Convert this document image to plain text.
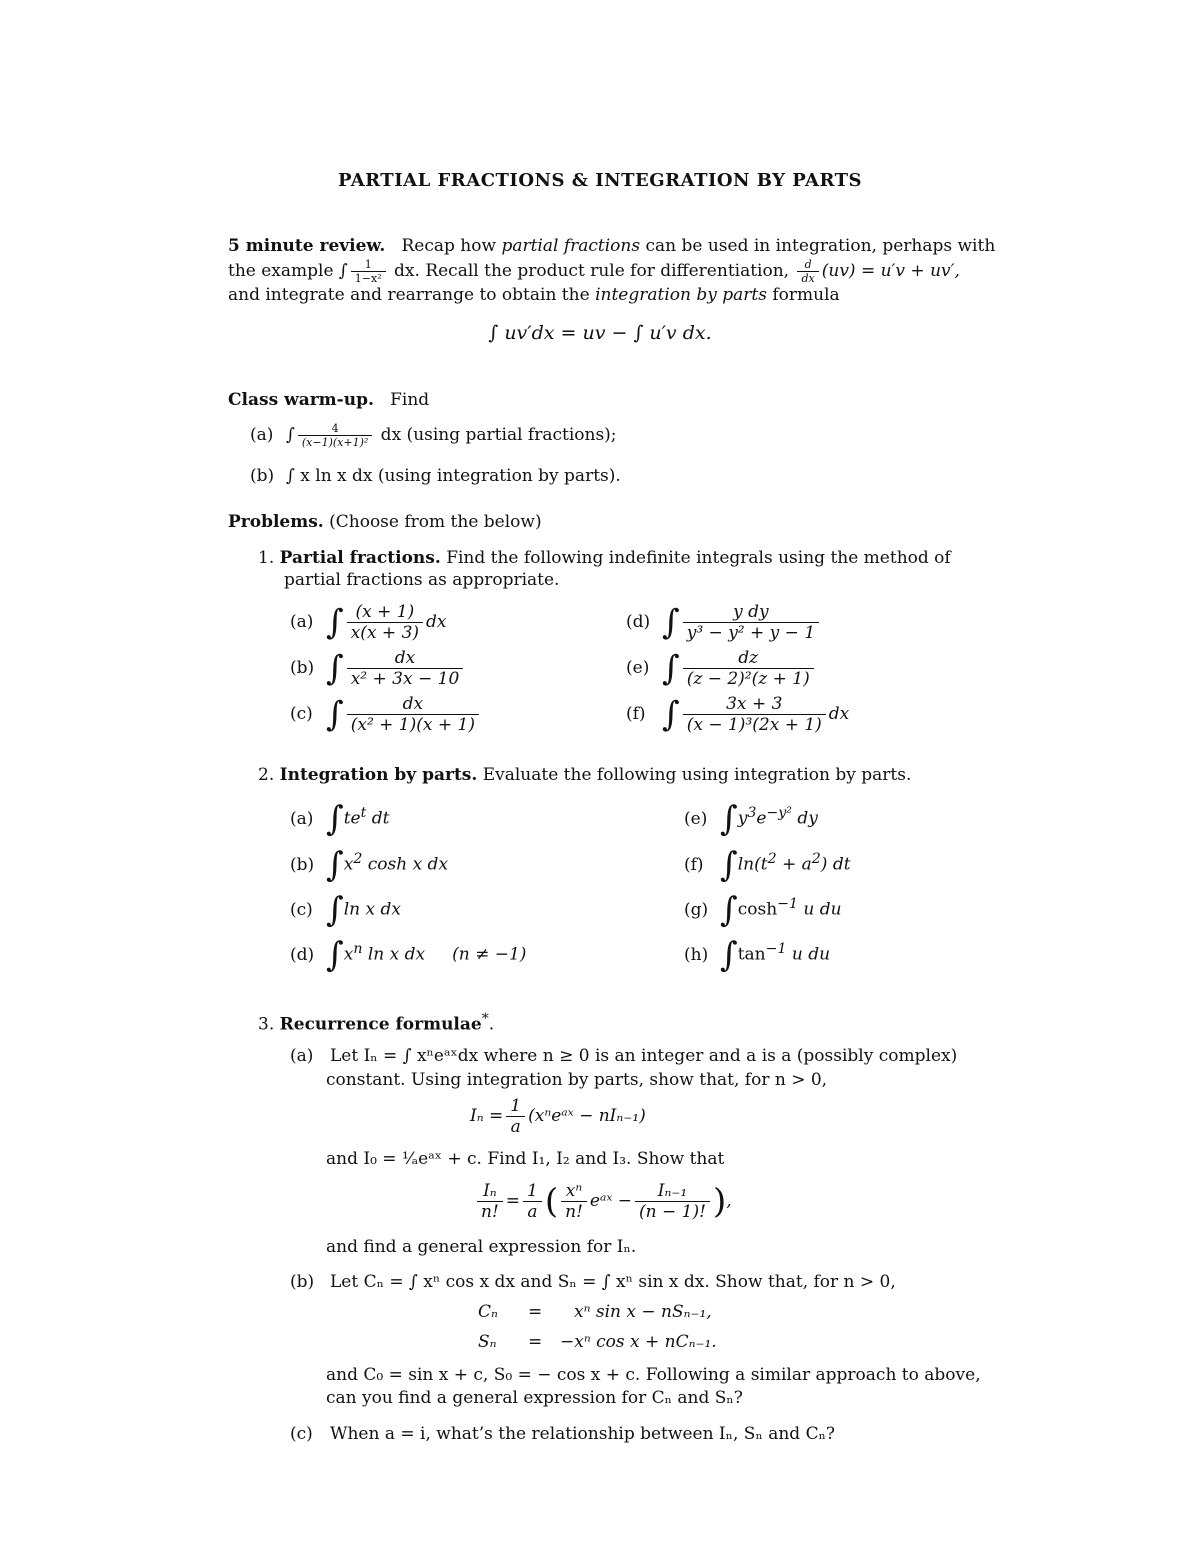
PARTIAL FRACTIONS & INTEGRATION BY PARTS
5 minute review. Recap how partial fractions can be used in integration, perhaps with
the example ∫ $\frac{1}{\text{1−x²}}$ dx. Recall the product rule for differentiation, $\frac{d}{dx} (uv) = u'v + uv'$,
and integrate and rearrange to obtain the integration by parts formula
∫ uv′dx = uv − ∫ u′v dx.
Class warm-up. Find
(a) ∫ $\frac{4}{\text{(x−1)(x+1)²}}$ dx (using partial fractions);
(b) ∫ x ln x dx (using integration by parts).
Problems. (Choose from the below)
1. Partial fractions. Find the following indefinite integrals using the method of
partial fractions as appropriate.
(a) ∫ $\frac{(x + 1)}{x(x + 3)}$ dx
(b) ∫ $\frac{dx}{\text{x² + 3x − 10}}$
(c) ∫ $\frac{dx}{\text{(x² + 1)(x + 1)}}$
(d) ∫ $\frac{\text{y dy}}{\text{y³ − y² + y − 1}}$
(e) ∫ $\frac{dz}{\text{(z − 2)²(z + 1)}}$
(f) ∫ $\frac{3x + 3}{\text{(x − 1)³(2x + 1)}}$ dx
2. Integration by parts. Evaluate the following using integration by parts.
(a) $\int te^t$ dt
(b) $\int x^2$ cosh x dx
(c) ∫ln x dx
(d) $\int x^n$ ln x dx     (n ≠ −1)
(e) $\int y^3e^{-y^2}$ dy
(f) $\int\ln(t^2 + a^2)$ dt
(g) $\int\cosh^{-1}$ u du
(h) $\int\tan^{-1}$ u du
3. Recurrence formulae*.
(a) Let Iₙ = ∫ xⁿeᵃˣdx where n ≥ 0 is an integer and a is a (possibly complex)
constant. Using integration by parts, show that, for n > 0,
$I_n = \frac{1}{a}$ (xⁿeᵃˣ − nIₙ₋₁)
and I₀ = ¹⁄ₐeᵃˣ + c. Find I₁, I₂ and I₃. Show that
$\frac{\text{Iₙ}}{n!} = \frac{1}{a}$ ( $\frac{\text{xⁿ}}{n!}$ eᵃˣ − $\frac{\text{Iₙ₋₁}}{(n - 1)!}$ ),
and find a general expression for Iₙ.
(b) Let Cₙ = ∫ xⁿ cos x dx and Sₙ = ∫ xⁿ sin x dx. Show that, for n > 0,
Cₙ = xⁿ sin x − nSₙ₋₁,
Sₙ = −xⁿ cos x + nCₙ₋₁.
and C₀ = sin x + c, S₀ = − cos x + c. Following a similar approach to above,
can you find a general expression for Cₙ and Sₙ?
(c) When a = i, what’s the relationship between Iₙ, Sₙ and Cₙ?
